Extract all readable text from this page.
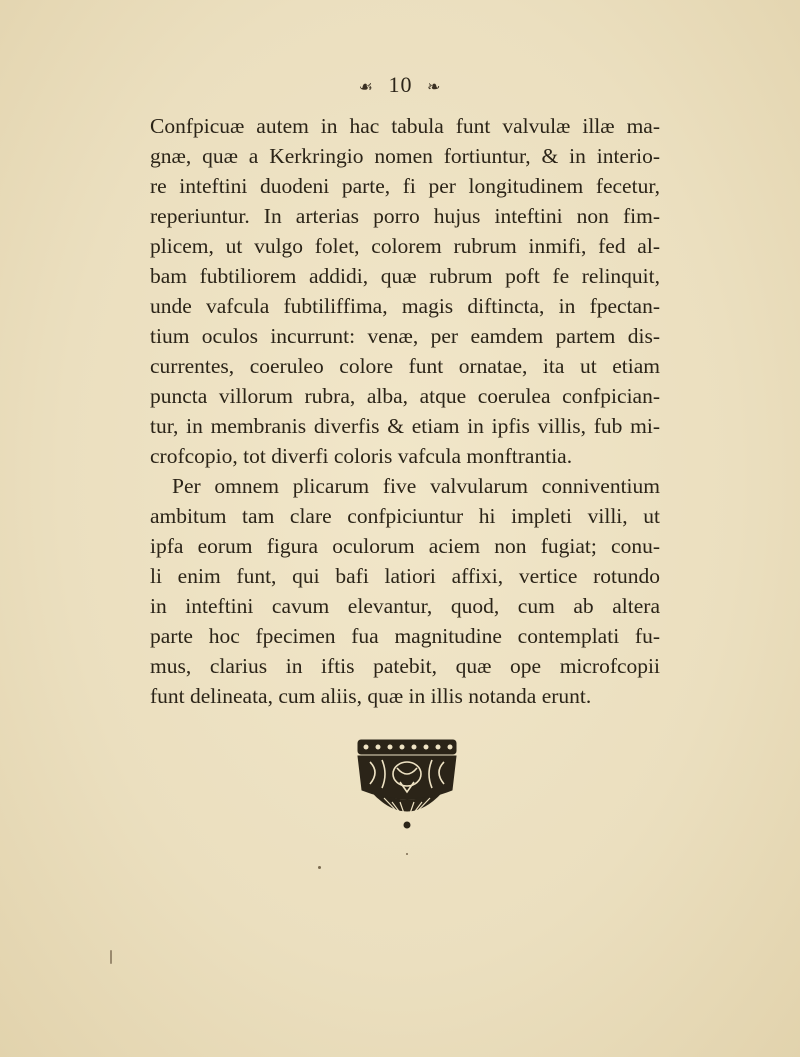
☙ 10 ❧
Confpicuæ autem in hac tabula funt valvulæ illæ ma-
gnæ, quæ a Kerkringio nomen fortiuntur, & in interio-
re inteftini duodeni parte, fi per longitudinem fecetur,
reperiuntur. In arterias porro hujus inteftini non fim-
plicem, ut vulgo folet, colorem rubrum inmifi, fed al-
bam fubtiliorem addidi, quæ rubrum poft fe relinquit,
unde vafcula fubtiliffima, magis diftincta, in fpectan-
tium oculos incurrunt: venæ, per eamdem partem dis-
currentes, coeruleo colore funt ornatae, ita ut etiam
puncta villorum rubra, alba, atque coerulea confpician-
tur, in membranis diverfis & etiam in ipfis villis, fub mi-
crofcopio, tot diverfi coloris vafcula monftrantia.
Per omnem plicarum five valvularum conniventium
ambitum tam clare confpiciuntur hi impleti villi, ut
ipfa eorum figura oculorum aciem non fugiat; conu-
li enim funt, qui bafi latiori affixi, vertice rotundo
in inteftini cavum elevantur, quod, cum ab altera
parte hoc fpecimen fua magnitudine contemplati fu-
mus, clarius in iftis patebit, quæ ope microfcopii
funt delineata, cum aliis, quæ in illis notanda erunt.
